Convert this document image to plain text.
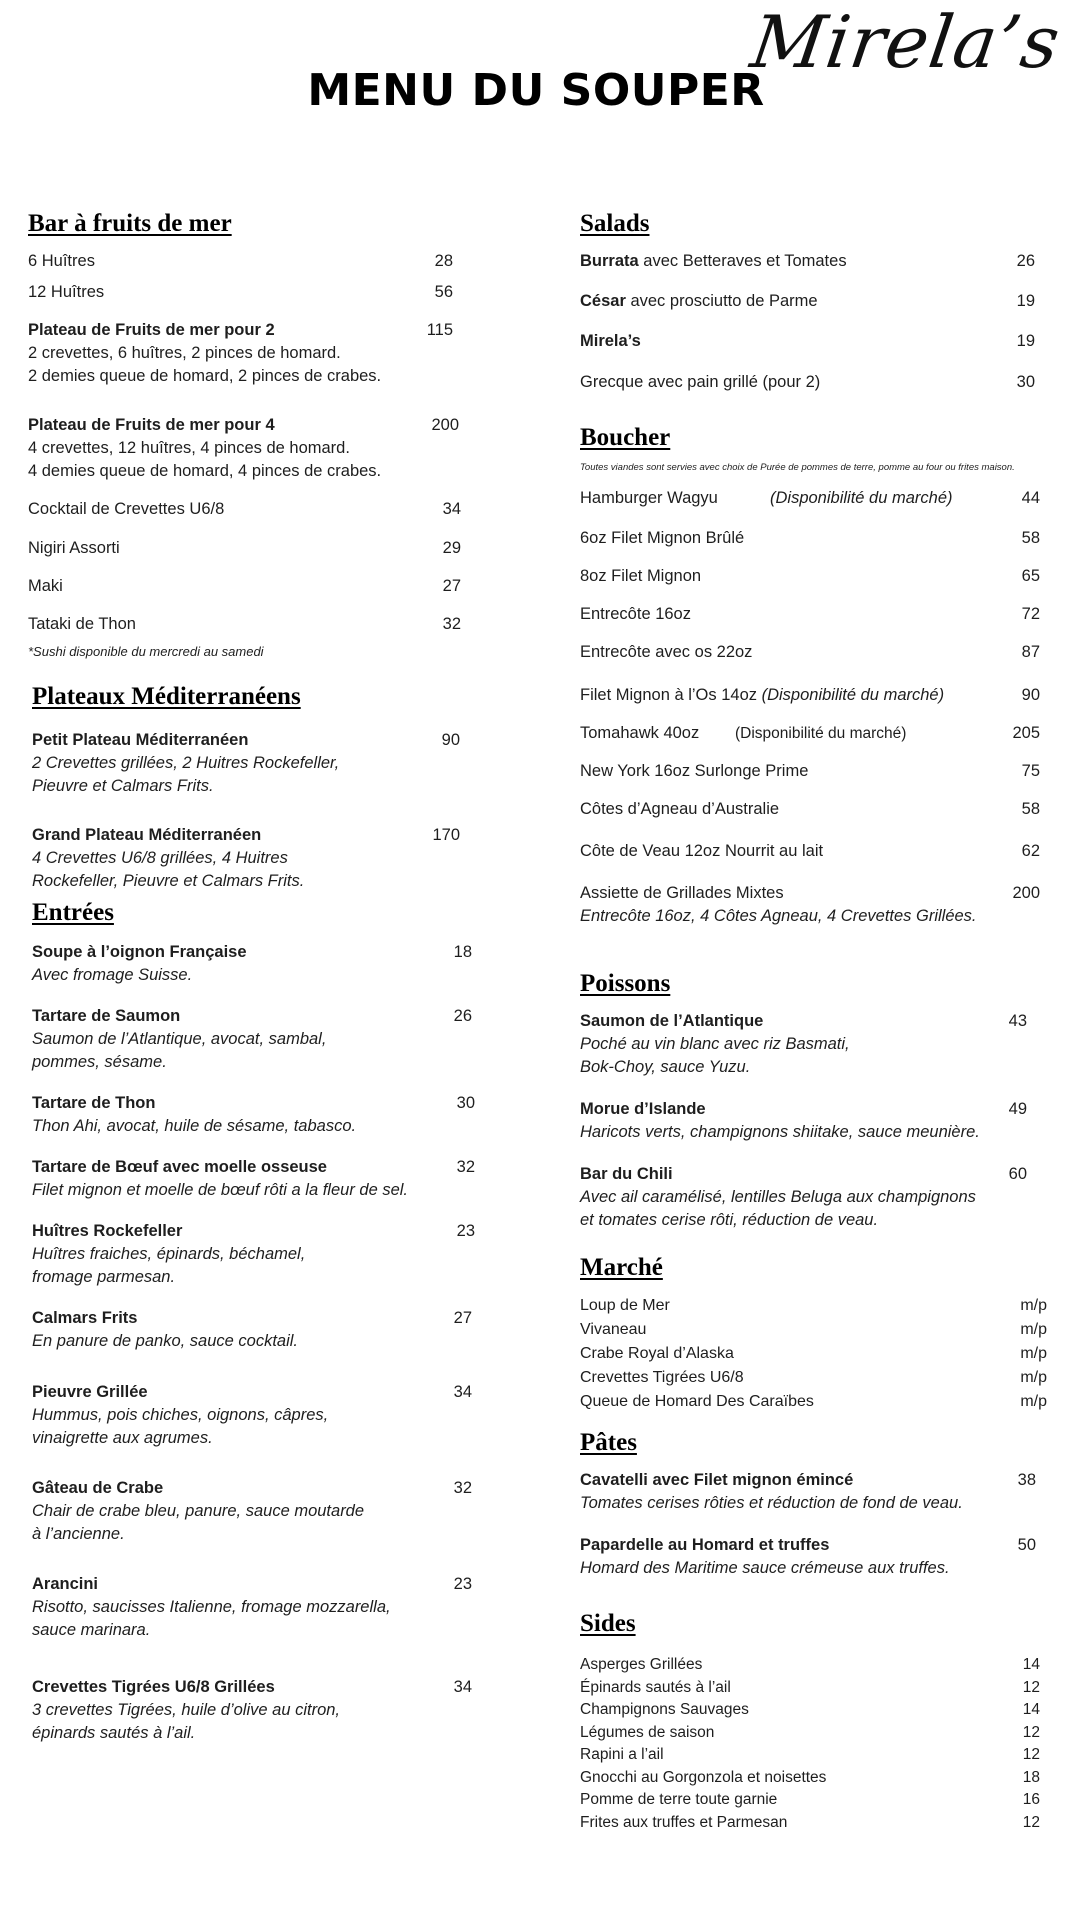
Mirela’s
MENU DU SOUPER
Bar à fruits de mer
6 Huîtres	28
12 Huîtres	56
Plateau de Fruits de mer pour 2	115
2 crevettes, 6 huîtres, 2 pinces de homard.
2 demies queue de homard, 2 pinces de crabes.
Plateau de Fruits de mer pour 4	200
4 crevettes, 12 huîtres, 4 pinces de homard.
4 demies queue de homard, 4 pinces de crabes.
Cocktail de Crevettes U6/8	34
Nigiri Assorti	29
Maki	27
Tataki de Thon	32
*Sushi disponible du mercredi au samedi
Plateaux Méditerranéens
Petit Plateau Méditerranéen	90
2 Crevettes grillées, 2 Huitres Rockefeller,
Pieuvre et Calmars Frits.
Grand Plateau Méditerranéen	170
4 Crevettes U6/8 grillées, 4 Huitres
Rockefeller, Pieuvre et Calmars Frits.
Entrées
Soupe à l’oignon Française	18
Avec fromage Suisse.
Tartare de Saumon	26
Saumon de l’Atlantique, avocat, sambal,
pommes, sésame.
Tartare de Thon	30
Thon Ahi, avocat, huile de sésame, tabasco.
Tartare de Bœuf avec moelle osseuse	32
Filet mignon et moelle de bœuf rôti a la fleur de sel.
Huîtres Rockefeller	23
Huîtres fraiches, épinards, béchamel,
fromage parmesan.
Calmars Frits	27
En panure de panko, sauce cocktail.
Pieuvre Grillée	34
Hummus, pois chiches, oignons, câpres,
vinaigrette aux agrumes.
Gâteau de Crabe	32
Chair de crabe bleu, panure, sauce moutarde
à l’ancienne.
Arancini	23
Risotto, saucisses Italienne, fromage mozzarella,
sauce marinara.
Crevettes Tigrées U6/8 Grillées	34
3 crevettes Tigrées, huile d’olive au citron,
épinards sautés à l’ail.
Salads
Burrata avec Betteraves et Tomates	26
César avec prosciutto de Parme	19
Mirela’s	19
Grecque avec pain grillé (pour 2)	30
Boucher
Toutes viandes sont servies avec choix de Purée de pommes de terre, pomme au four ou frites maison.
Hamburger Wagyu	(Disponibilité du marché)	44
6oz Filet Mignon Brûlé	58
8oz Filet Mignon	65
Entrecôte 16oz	72
Entrecôte avec os 22oz	87
Filet Mignon à l’Os 14oz (Disponibilité du marché)	90
Tomahawk 40oz (Disponibilité du marché)	205
New York 16oz Surlonge Prime	75
Côtes d’Agneau d’Australie	58
Côte de Veau 12oz Nourrit au lait	62
Assiette de Grillades Mixtes	200
Entrecôte 16oz, 4 Côtes Agneau, 4 Crevettes Grillées.
Poissons
Saumon de l’Atlantique	43
Poché au vin blanc avec riz Basmati,
Bok-Choy, sauce Yuzu.
Morue d’Islande	49
Haricots verts, champignons shiitake, sauce meunière.
Bar du Chili	60
Avec ail caramélisé, lentilles Beluga aux champignons
et tomates cerise rôti, réduction de veau.
Marché
Loup de Mer	m/p
Vivaneau	m/p
Crabe Royal d’Alaska	m/p
Crevettes Tigrées U6/8	m/p
Queue de Homard Des Caraïbes	m/p
Pâtes
Cavatelli avec Filet mignon émincé	38
Tomates cerises rôties et réduction de fond de veau.
Papardelle au Homard et truffes	50
Homard des Maritime sauce crémeuse aux truffes.
Sides
Asperges Grillées	14
Épinards sautés à l’ail	12
Champignons Sauvages	14
Légumes de saison	12
Rapini a l’ail	12
Gnocchi au Gorgonzola et noisettes	18
Pomme de terre toute garnie	16
Frites aux truffes et Parmesan	12
